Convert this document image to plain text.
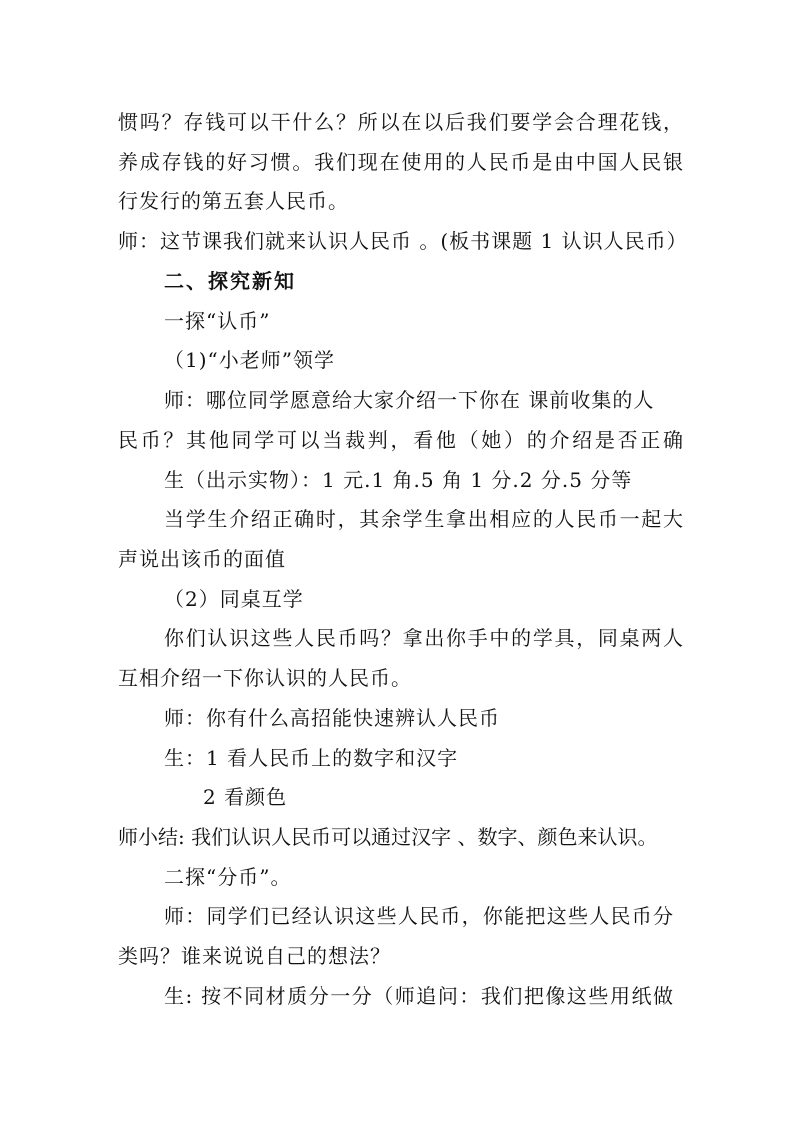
惯吗？存钱可以干什么？所以在以后我们要学会合理花钱，
养成存钱的好习惯。我们现在使用的人民币是由中国人民银
行发行的第五套人民币。
师：这节课我们就来认识人民币 。(板书课题 1 认识人民币）
二、探究新知
一探“认币”
（1)“小老师”领学
师：哪位同学愿意给大家介绍一下你在 课前收集的人
民币？其他同学可以当裁判，看他（她）的介绍是否正确
生（出示实物）：1 元.1 角.5 角 1 分.2 分.5 分等
当学生介绍正确时，其余学生拿出相应的人民币一起大
声说出该币的面值
（2）同桌互学
你们认识这些人民币吗？拿出你手中的学具，同桌两人
互相介绍一下你认识的人民币。
师：你有什么高招能快速辨认人民币
生：1 看人民币上的数字和汉字
2 看颜色
师小结: 我们认识人民币可以通过汉字 、数字、颜色来认识。
二探“分币”。
师：同学们已经认识这些人民币，你能把这些人民币分
类吗？谁来说说自己的想法？
生: 按不同材质分一分（师追问：我们把像这些用纸做
